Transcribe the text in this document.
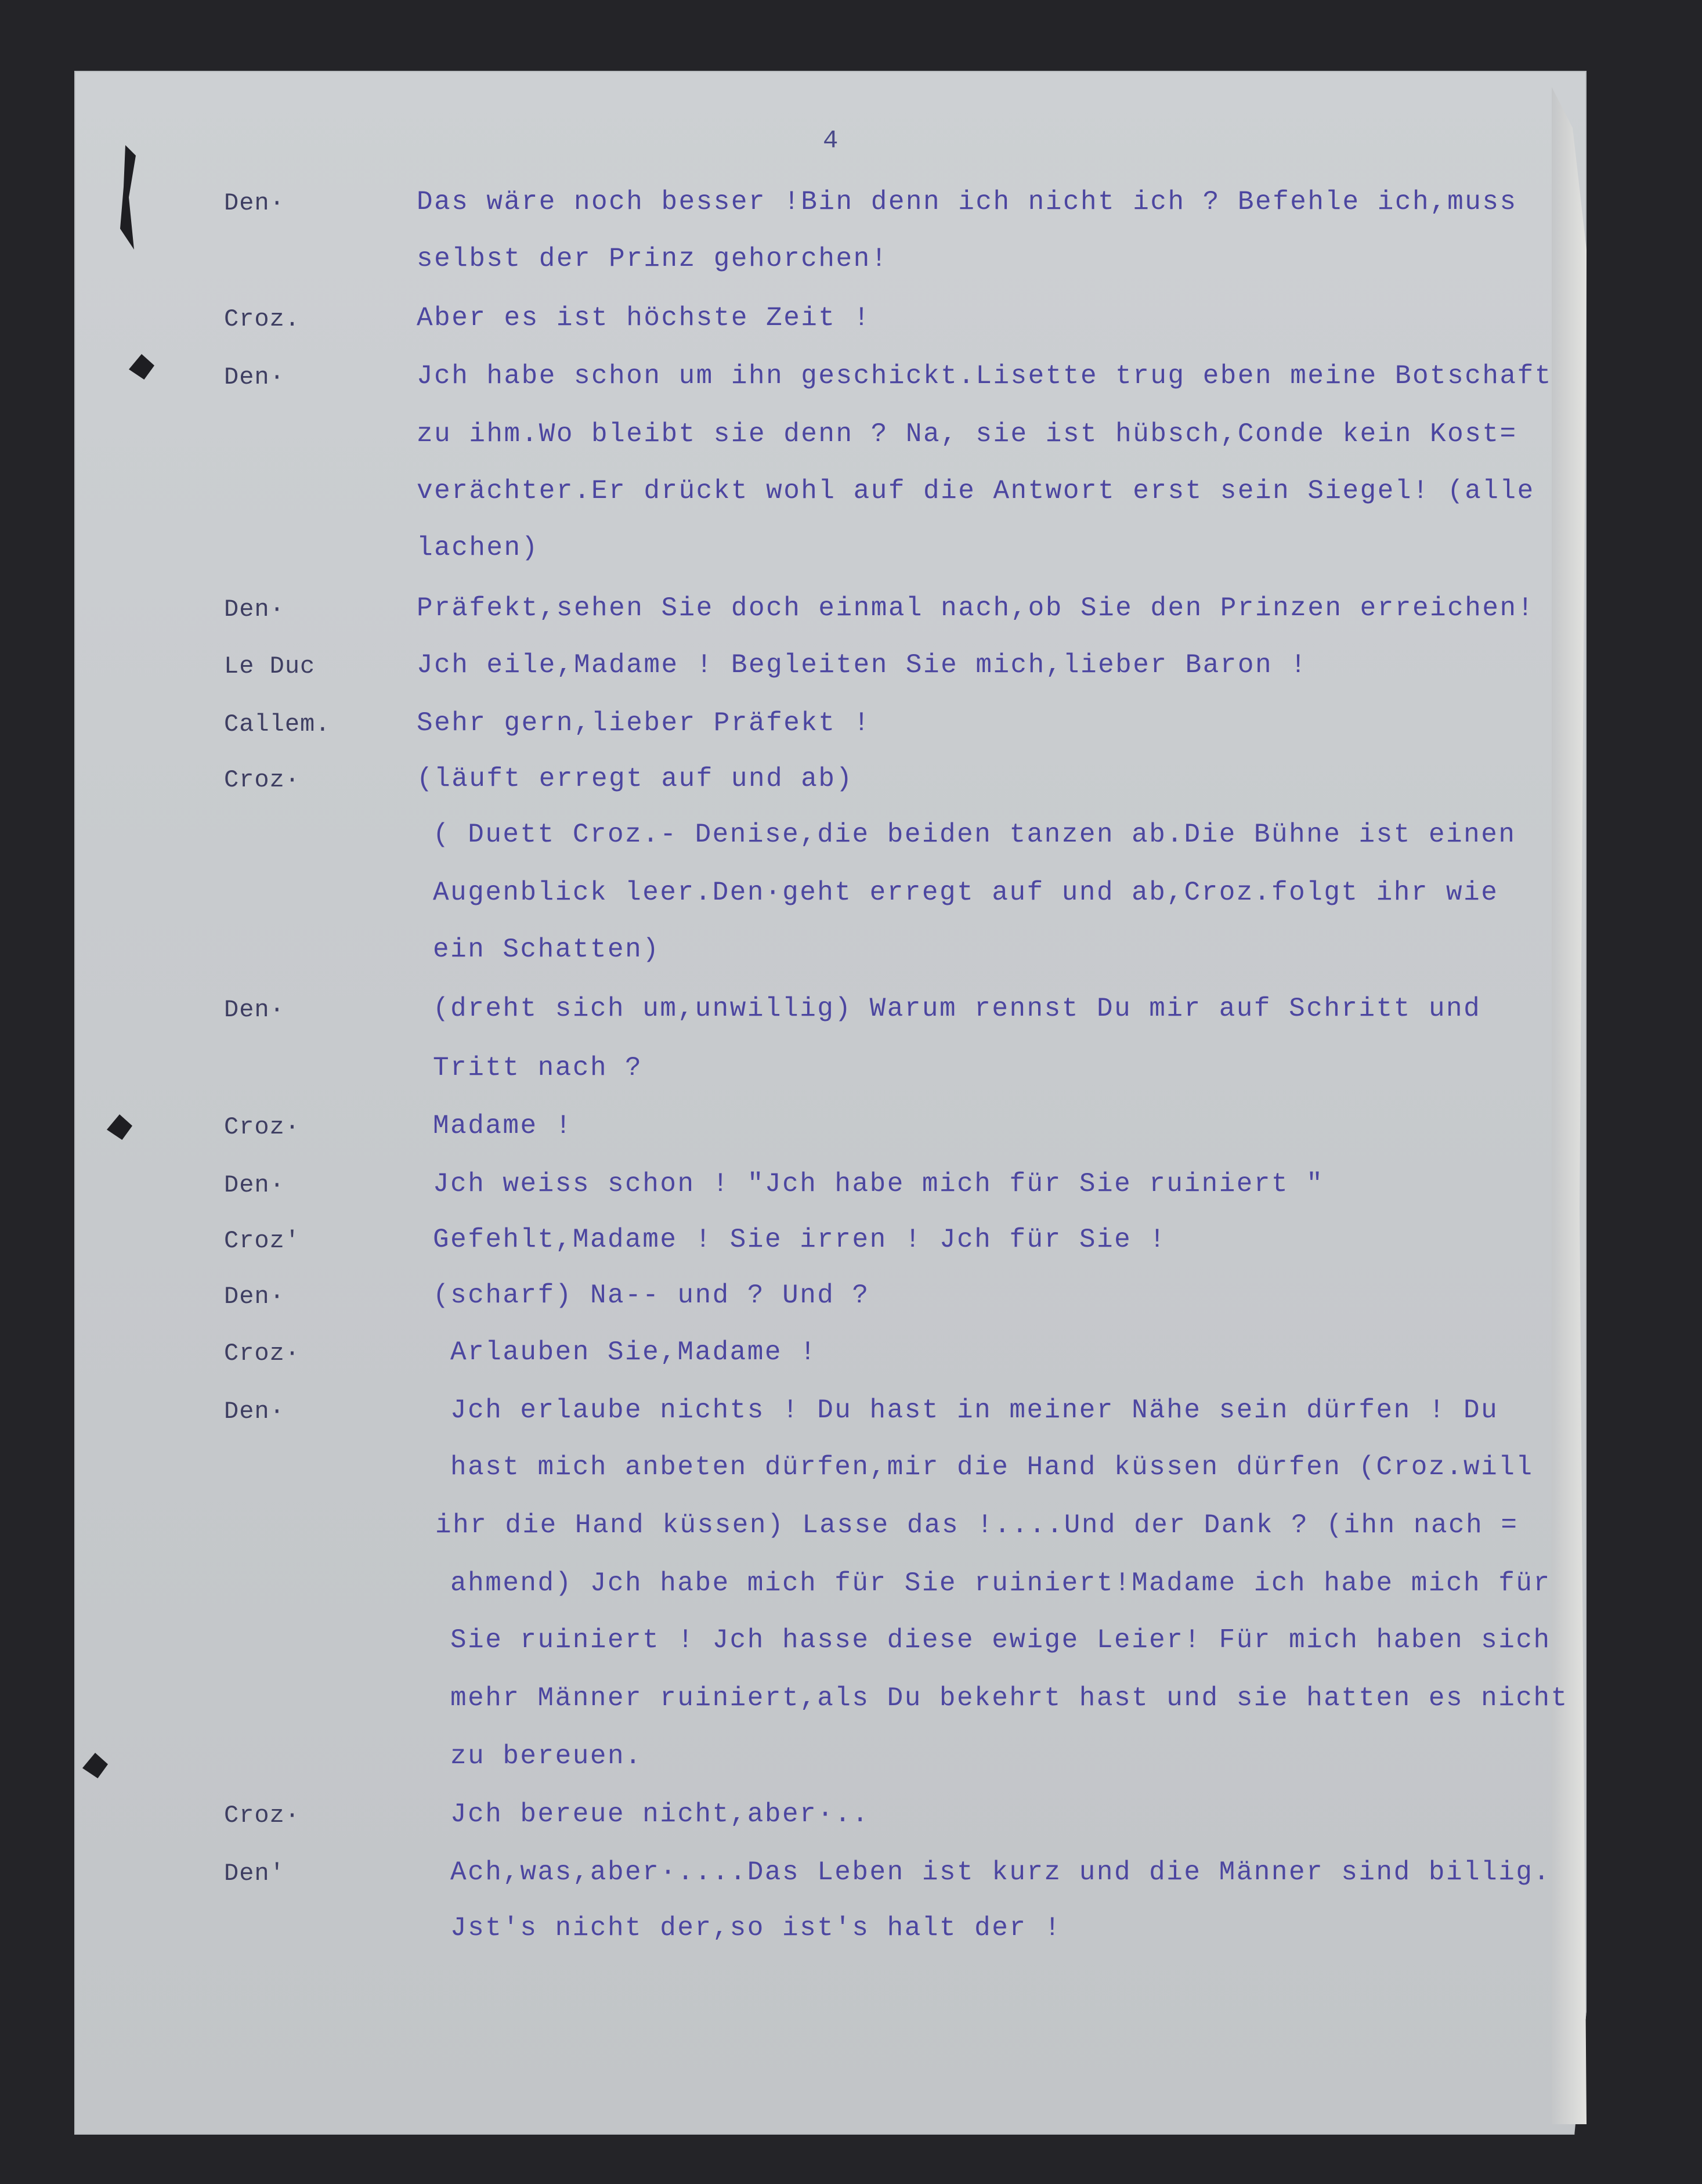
4
Den·	Das wäre noch besser !Bin denn ich nicht ich ? Befehle ich,muss
selbst der Prinz gehorchen!
Croz.	Aber es ist höchste Zeit !
Den·	Jch habe schon um ihn geschickt.Lisette trug eben meine Botschaft
zu ihm.Wo bleibt sie denn ? Na, sie ist hübsch,Conde kein Kost=
verächter.Er drückt wohl auf die Antwort erst sein Siegel! (alle
lachen)
Den·	Präfekt,sehen Sie doch einmal nach,ob Sie den Prinzen erreichen!
Le Duc	Jch eile,Madame ! Begleiten Sie mich,lieber Baron !
Callem.	Sehr gern,lieber Präfekt !
Croz·	(läuft erregt auf und ab)
( Duett Croz.- Denise,die beiden tanzen ab.Die Bühne ist einen
Augenblick leer.Den·geht erregt auf und ab,Croz.folgt ihr wie
ein Schatten)
Den·	(dreht sich um,unwillig) Warum rennst Du mir auf Schritt und
Tritt nach ?
Croz·	Madame !
Den·	Jch weiss schon ! "Jch habe mich für Sie ruiniert "
Croz'	Gefehlt,Madame ! Sie irren ! Jch für Sie !
Den·	(scharf) Na-- und ? Und ?
Croz·	Arlauben Sie,Madame !
Den·	Jch erlaube nichts ! Du hast in meiner Nähe sein dürfen ! Du
hast mich anbeten dürfen,mir die Hand küssen dürfen (Croz.will
ihr die Hand küssen) Lasse das !....Und der Dank ? (ihn nach =
ahmend) Jch habe mich für Sie ruiniert!Madame ich habe mich für
Sie ruiniert ! Jch hasse diese ewige Leier! Für mich haben sich
mehr Männer ruiniert,als Du bekehrt hast und sie hatten es nicht
zu bereuen.
Croz·	Jch bereue nicht,aber·..
Den'	Ach,was,aber·....Das Leben ist kurz und die Männer sind billig.
Jst's nicht der,so ist's halt der !
